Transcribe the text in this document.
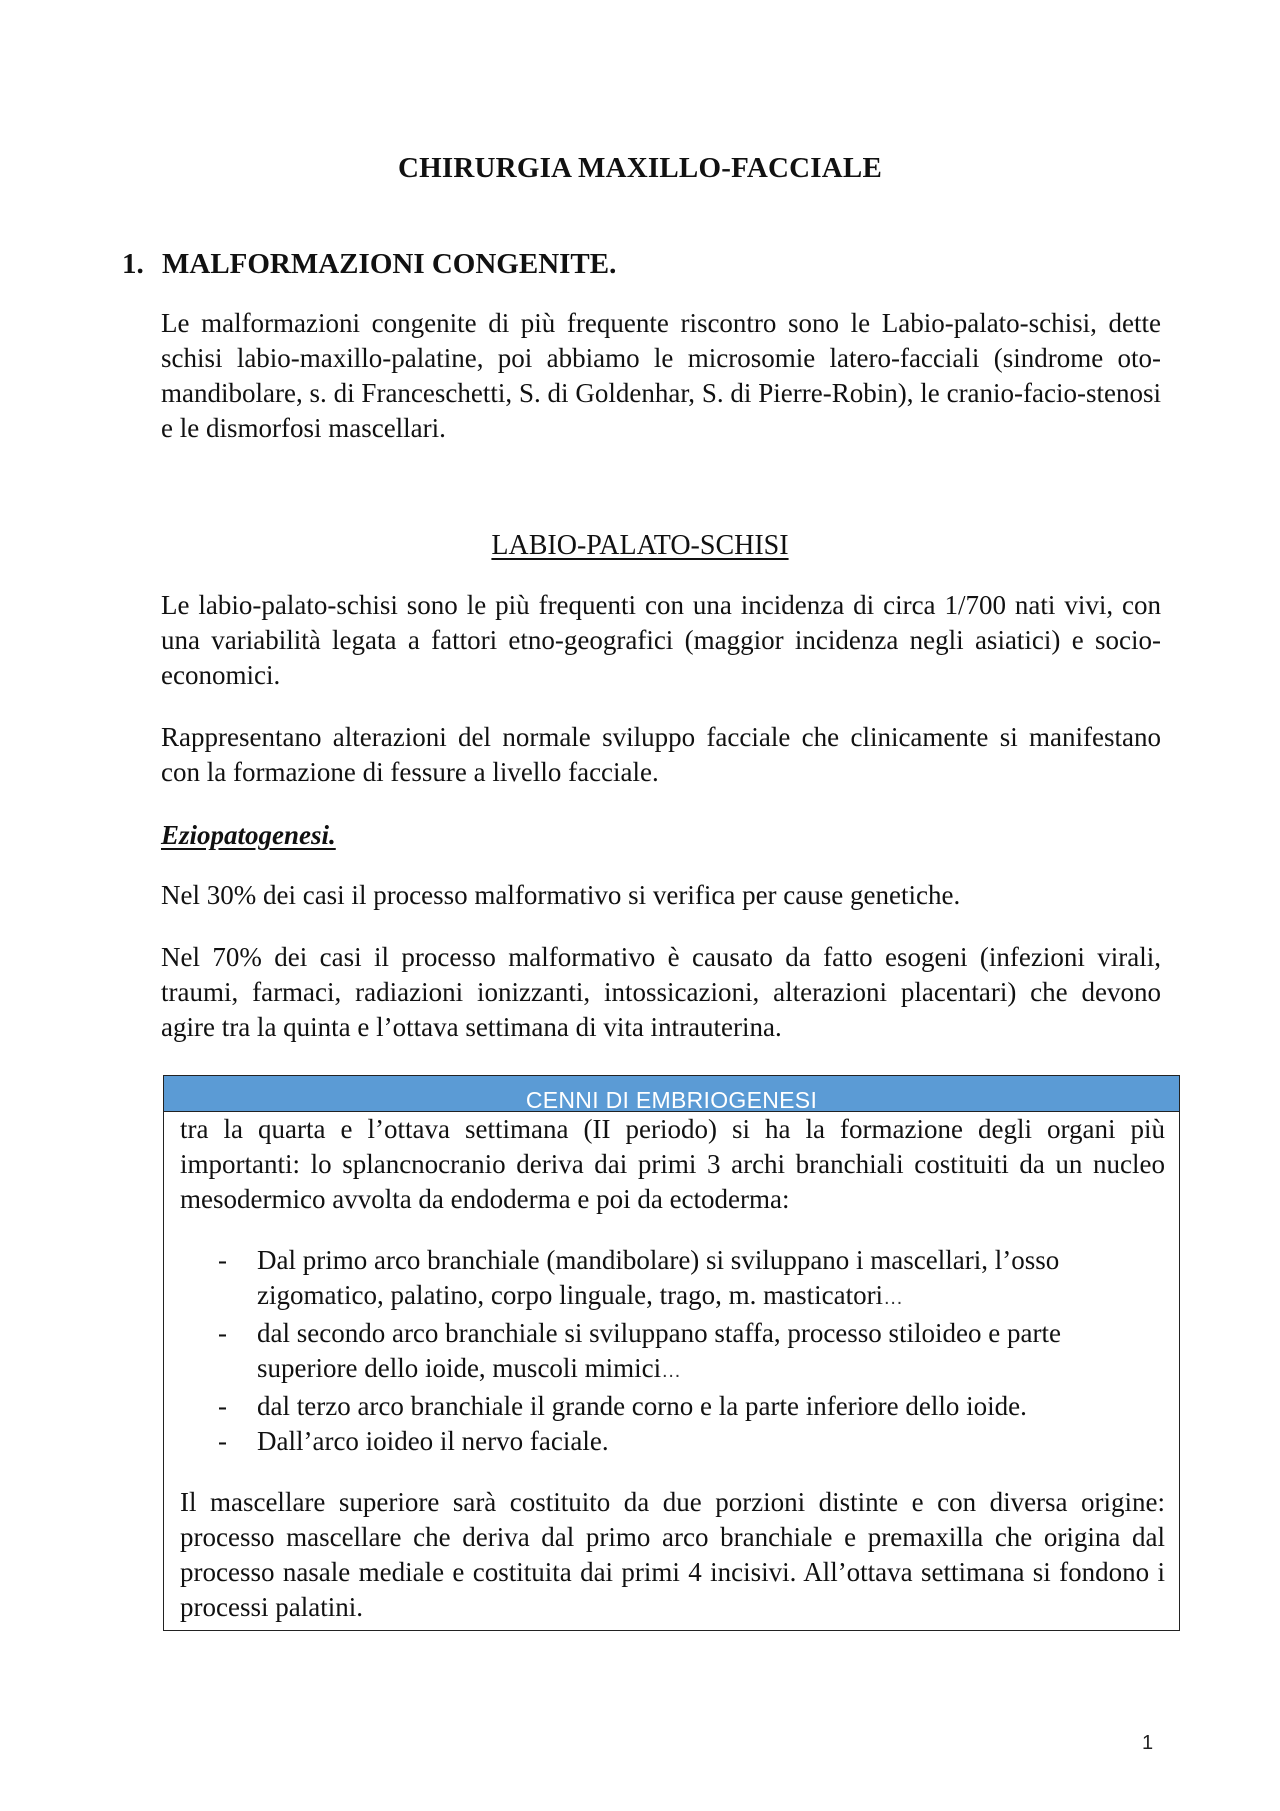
CHIRURGIA MAXILLO-FACCIALE
1. MALFORMAZIONI CONGENITE.

Le malformazioni congenite di più frequente riscontro sono le Labio-palato-schisi, dette schisi labio-maxillo-palatine, poi abbiamo le microsomie latero-facciali (sindrome oto-mandibolare, s. di Franceschetti, S. di Goldenhar, S. di Pierre-Robin), le cranio-facio-stenosi e le dismorfosi mascellari.

LABIO-PALATO-SCHISI

Le labio-palato-schisi sono le più frequenti con una incidenza di circa 1/700 nati vivi, con una variabilità legata a fattori etno-geografici (maggior incidenza negli asiatici) e socio-economici.

Rappresentano alterazioni del normale sviluppo facciale che clinicamente si manifestano con la formazione di fessure a livello facciale.

Eziopatogenesi.

Nel 30% dei casi il processo malformativo si verifica per cause genetiche.

Nel 70% dei casi il processo malformativo è causato da fatto esogeni (infezioni virali, traumi, farmaci, radiazioni ionizzanti, intossicazioni, alterazioni placentari) che devono agire tra la quinta e l’ottava settimana di vita intrauterina.

CENNI DI EMBRIOGENESI

tra la quarta e l’ottava settimana (II periodo) si ha la formazione degli organi più importanti: lo splancnocranio deriva dai primi 3 archi branchiali costituiti da un nucleo mesodermico avvolta da endoderma e poi da ectoderma:

- Dal primo arco branchiale (mandibolare) si sviluppano i mascellari, l’osso zigomatico, palatino, corpo linguale, trago, m. masticatori…
- dal secondo arco branchiale si sviluppano staffa, processo stiloideo e parte superiore dello ioide, muscoli mimici…
- dal terzo arco branchiale il grande corno e la parte inferiore dello ioide.
- Dall’arco ioideo il nervo faciale.

Il mascellare superiore sarà costituito da due porzioni distinte e con diversa origine: processo mascellare che deriva dal primo arco branchiale e premaxilla che origina dal processo nasale mediale e costituita dai primi 4 incisivi. All’ottava settimana si fondono i processi palatini.

1
